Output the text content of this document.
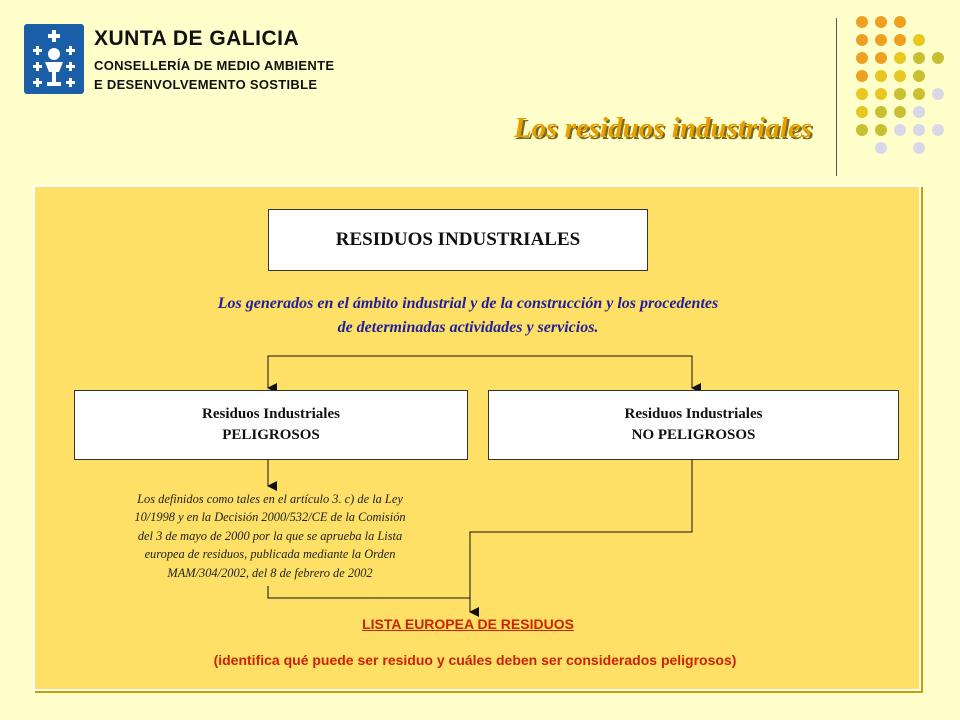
XUNTA DE GALICIA
CONSELLERÍA DE MEDIO AMBIENTE
E DESENVOLVEMENTO SOSTIBLE
Los residuos industriales
RESIDUOS INDUSTRIALES
Los generados en el ámbito industrial y de la construcción y los procedentes
de determinadas actividades y servicios.
Residuos Industriales
PELIGROSOS
Residuos Industriales
NO PELIGROSOS
Los definidos como tales en el artículo 3. c) de la Ley
10/1998 y en la Decisión 2000/532/CE de la Comisión
del 3 de mayo de 2000 por la que se aprueba la Lista
europea de residuos, publicada mediante la Orden
MAM/304/2002, del 8 de febrero de 2002
LISTA EUROPEA DE RESIDUOS
(identifica qué puede ser residuo y cuáles deben ser considerados peligrosos)
